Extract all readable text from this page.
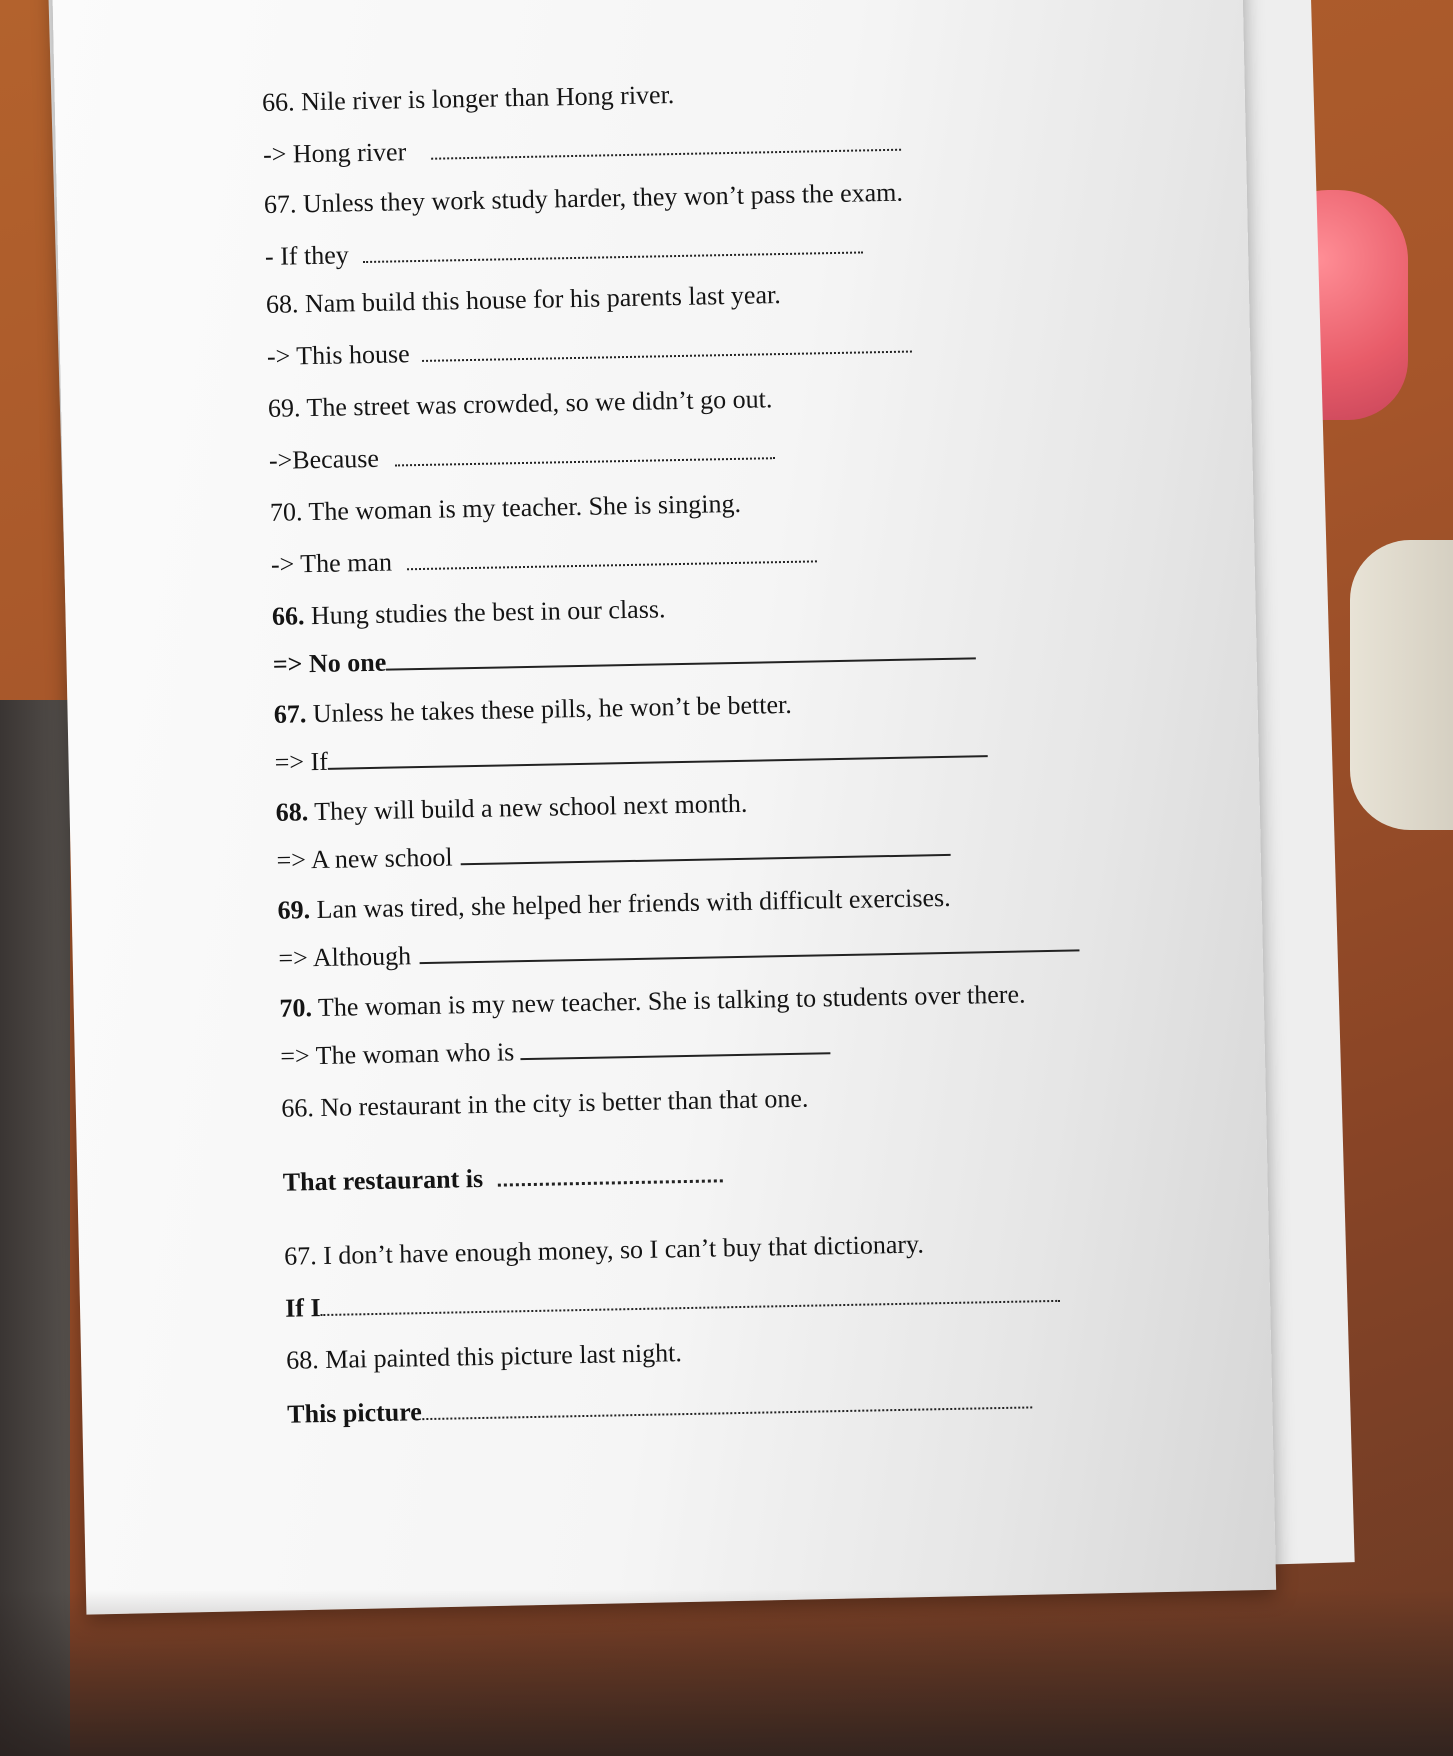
66. Nile river is longer than Hong river.
-> Hong river
67. Unless they work study harder, they won’t pass the exam.
- If they
68. Nam build this house for his parents last year.
-> This house
69. The street was crowded, so we didn’t go out.
->Because
70. The woman is my teacher. She is singing.
-> The man
66. Hung studies the best in our class.
=> No one
67. Unless he takes these pills, he won’t be better.
=> If
68. They will build a new school next month.
=> A new school
69. Lan was tired, she helped her friends with difficult exercises.
=> Although
70. The woman is my new teacher. She is talking to students over there.
=> The woman who is
66. No restaurant in the city is better than that one.
That restaurant is
67. I don’t have enough money, so I can’t buy that dictionary.
If I
68. Mai painted this picture last night.
This picture
